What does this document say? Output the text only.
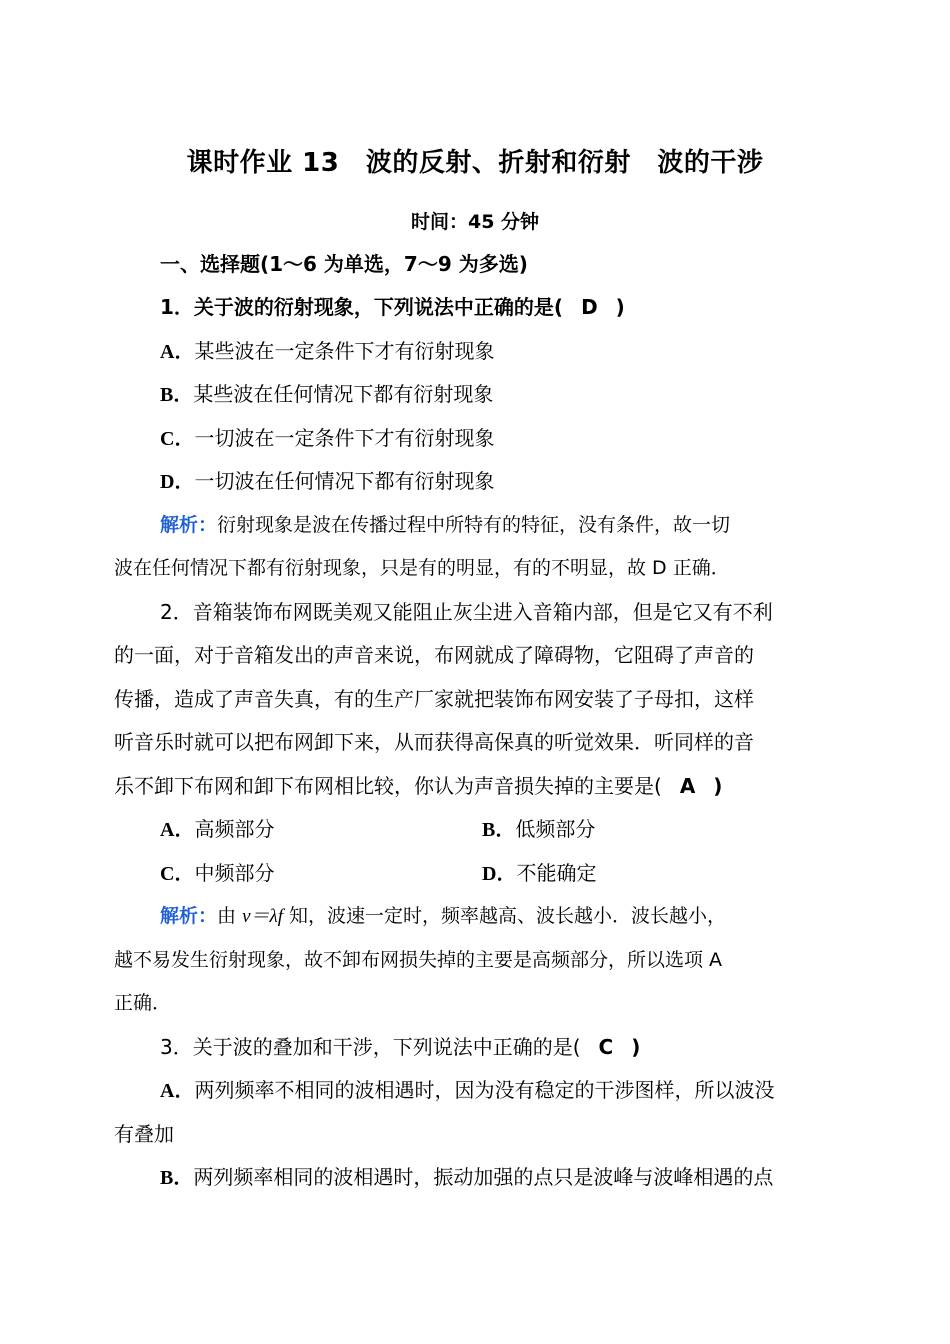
课时作业 13　波的反射、折射和衍射　波的干涉
时间：45 分钟
一、选择题(1～6 为单选，7～9 为多选)
1．关于波的衍射现象，下列说法中正确的是( D )
A．某些波在一定条件下才有衍射现象
B．某些波在任何情况下都有衍射现象
C．一切波在一定条件下才有衍射现象
D．一切波在任何情况下都有衍射现象
解析：衍射现象是波在传播过程中所特有的特征，没有条件，故一切
波在任何情况下都有衍射现象，只是有的明显，有的不明显，故 D 正确．
2．音箱装饰布网既美观又能阻止灰尘进入音箱内部，但是它又有不利
的一面，对于音箱发出的声音来说，布网就成了障碍物，它阻碍了声音的
传播，造成了声音失真，有的生产厂家就把装饰布网安装了子母扣，这样
听音乐时就可以把布网卸下来，从而获得高保真的听觉效果．听同样的音
乐不卸下布网和卸下布网相比较，你认为声音损失掉的主要是( A )
A．高频部分	B．低频部分
C．中频部分	D．不能确定
解析：由 v＝λf 知，波速一定时，频率越高、波长越小．波长越小，
越不易发生衍射现象，故不卸布网损失掉的主要是高频部分，所以选项 A
正确．
3．关于波的叠加和干涉，下列说法中正确的是( C )
A．两列频率不相同的波相遇时，因为没有稳定的干涉图样，所以波没
有叠加
B．两列频率相同的波相遇时，振动加强的点只是波峰与波峰相遇的点
